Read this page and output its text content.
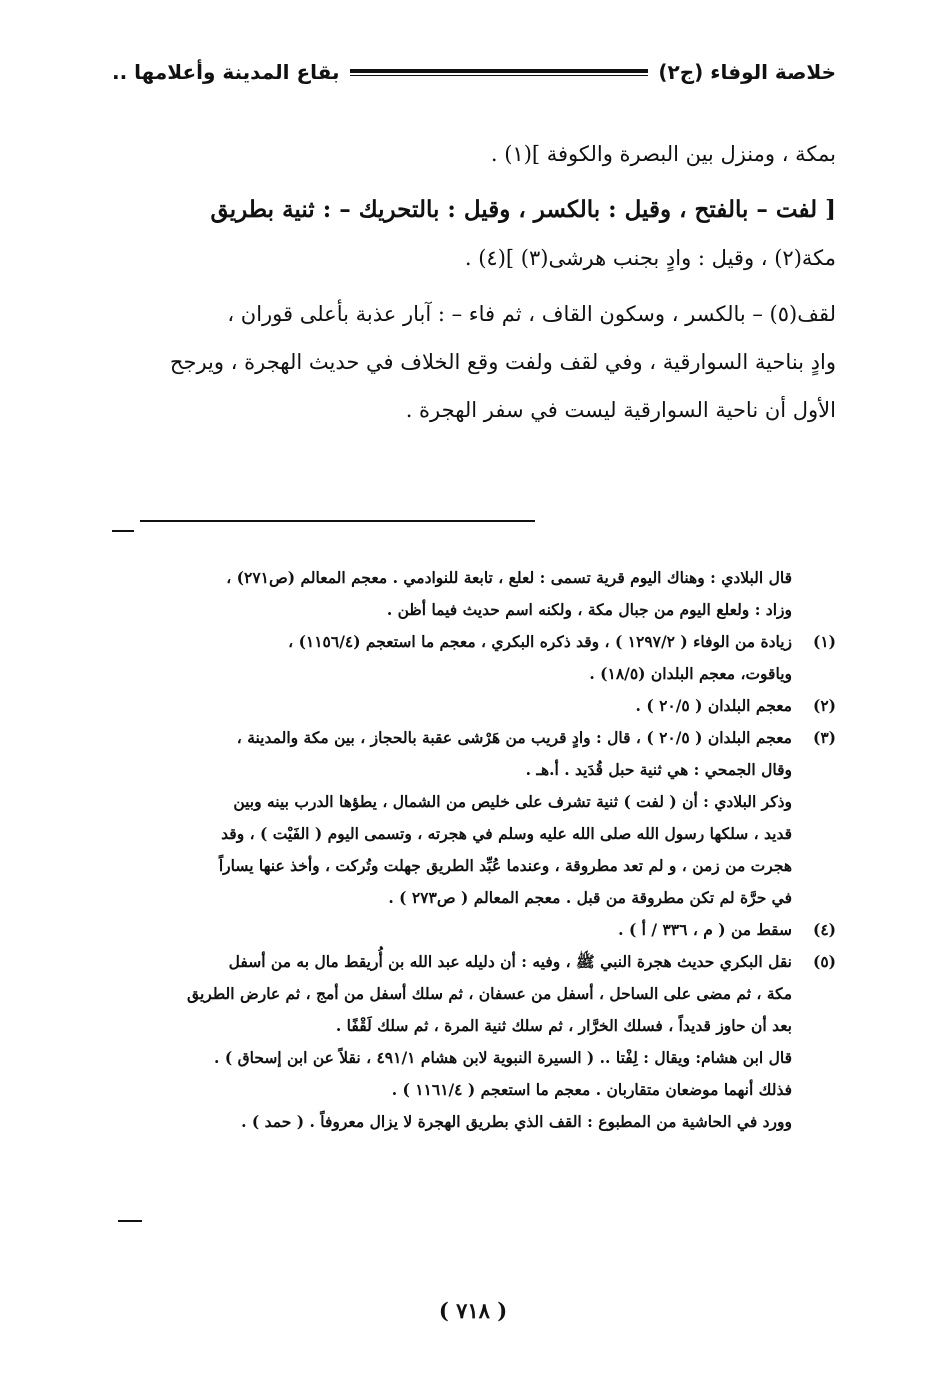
خلاصة الوفاء (ج٢)
بقاع المدينة وأعلامها ..

بمكة ، ومنزل بين البصرة والكوفة ](١) .

[ لفت – بالفتح ، وقيل : بالكسر ، وقيل : بالتحريك – : ثنية بطريق

مكة(٢) ، وقيل : وادٍ بجنب هرشى(٣) ](٤) .

لقف(٥) – بالكسر ، وسكون القاف ، ثم فاء – : آبار عذبة بأعلى قوران ،

وادٍ بناحية السوارقية ، وفي لقف ولفت وقع الخلاف في حديث الهجرة ، ويرجح

الأول أن ناحية السوارقية ليست في سفر الهجرة .

قال البلادي : وهناك اليوم قرية تسمى : لعلع ، تابعة للنوادمي . معجم المعالم (ص٢٧١) ،
وزاد : ولعلع اليوم من جبال مكة ، ولكنه اسم حديث فيما أظن .
(١)
زيادة من الوفاء ( ١٢٩٧/٢ ) ، وقد ذكره البكري ، معجم ما استعجم (١١٥٦/٤) ،
وياقوت، معجم البلدان (١٨/٥) .
(٢)
معجم البلدان ( ٢٠/٥ ) .
(٣)
معجم البلدان ( ٢٠/٥ ) ، قال : وادٍ قريب من هَرْشى عقبة بالحجاز ، بين مكة والمدينة ،
وقال الجمحي : هي ثنية حبل قُدَيد . أ.هـ .
وذكر البلادي : أن ( لفت ) ثنية تشرف على خليص من الشمال ، يطؤها الدرب بينه وبين
قديد ، سلكها رسول الله صلى الله عليه وسلم في هجرته ، وتسمى اليوم ( الفَيْت ) ، وقد
هجرت من زمن ، و لم تعد مطروقة ، وعندما عُبِّد الطريق جهلت وتُركت ، وأخذ عنها يساراً
في حرَّة لم تكن مطروقة من قبل . معجم المعالم ( ص٢٧٣ ) .
(٤)
سقط من ( م ، ٣٣٦ / أ ) .
(٥)
نقل البكري حديث هجرة النبي ﷺ ، وفيه : أن دليله عبد الله بن أُريقط مال به من أسفل
مكة ، ثم مضى على الساحل ، أسفل من عسفان ، ثم سلك أسفل من أمج ، ثم عارض الطريق
بعد أن حاوز قديداً ، فسلك الخرَّار ، ثم سلك ثنية المرة ، ثم سلك لَقْفًا .
قال ابن هشام: ويقال : لِفْتا .. ( السيرة النبوية لابن هشام ٤٩١/١ ، نقلاً عن ابن إسحاق ) .
فذلك أنهما موضعان متقاربان . معجم ما استعجم ( ١١٦١/٤ ) .
وورد في الحاشية من المطبوع : القف الذي بطريق الهجرة لا يزال معروفاً . ( حمد ) .
( ٧١٨ )
